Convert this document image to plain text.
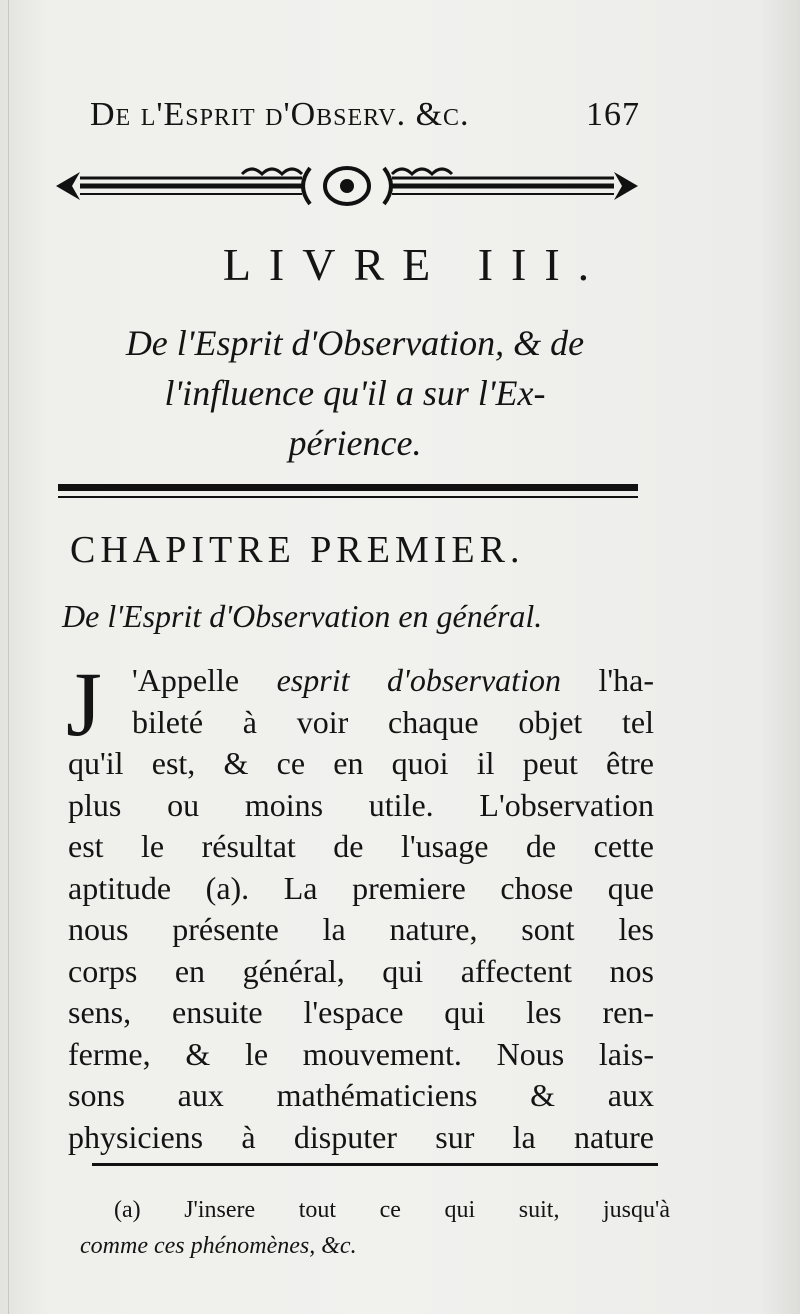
De l'Esprit d'Observ. &c.	167
LIVRE III.
De l'Esprit d'Observation, & de
l'influence qu'il a sur l'Ex-
périence.
CHAPITRE PREMIER.
De l'Esprit d'Observation en général.
J 'Appelle esprit d'observation l'ha-
bileté à voir chaque objet tel
qu'il est, & ce en quoi il peut être
plus ou moins utile. L'observation
est le résultat de l'usage de cette
aptitude (a). La premiere chose que
nous présente la nature, sont les
corps en général, qui affectent nos
sens, ensuite l'espace qui les ren-
ferme, & le mouvement. Nous lais-
sons aux mathématiciens & aux
physiciens à disputer sur la nature
(a) J'insere tout ce qui suit, jusqu'à
comme ces phénomènes, &c.
